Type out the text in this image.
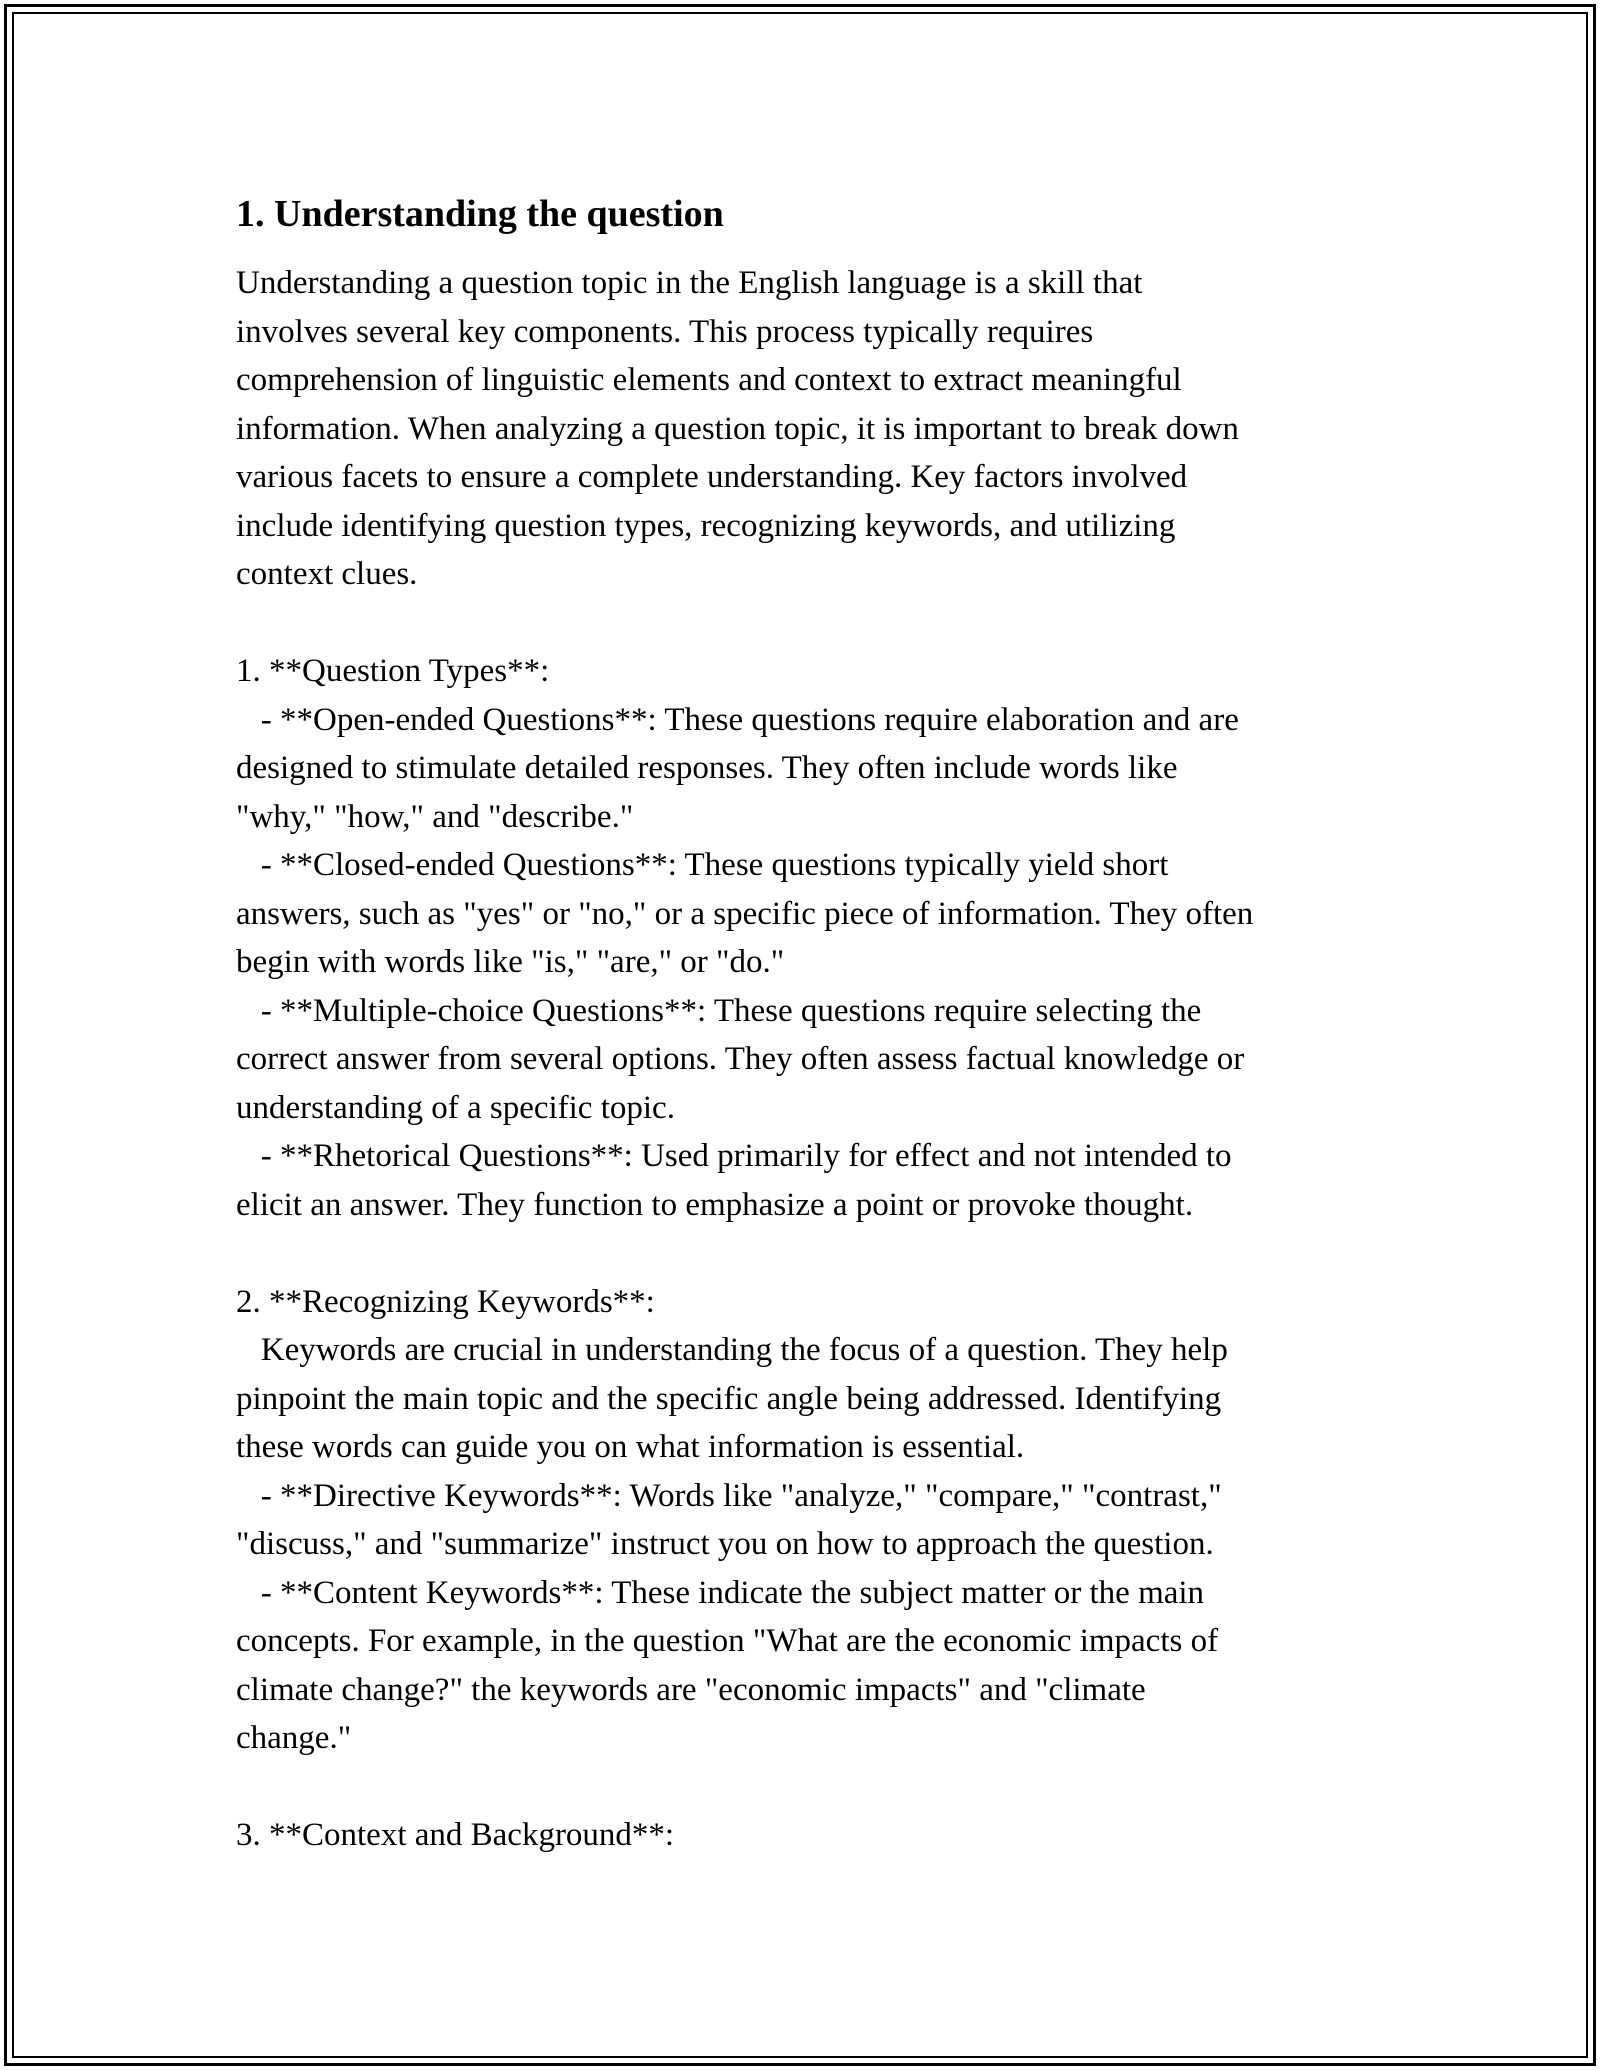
1. Understanding the question
Understanding a question topic in the English language is a skill that
involves several key components. This process typically requires
comprehension of linguistic elements and context to extract meaningful
information. When analyzing a question topic, it is important to break down
various facets to ensure a complete understanding. Key factors involved
include identifying question types, recognizing keywords, and utilizing
context clues.

1. **Question Types**:
- **Open-ended Questions**: These questions require elaboration and are
designed to stimulate detailed responses. They often include words like
"why," "how," and "describe."
- **Closed-ended Questions**: These questions typically yield short
answers, such as "yes" or "no," or a specific piece of information. They often
begin with words like "is," "are," or "do."
- **Multiple-choice Questions**: These questions require selecting the
correct answer from several options. They often assess factual knowledge or
understanding of a specific topic.
- **Rhetorical Questions**: Used primarily for effect and not intended to
elicit an answer. They function to emphasize a point or provoke thought.

2. **Recognizing Keywords**:
Keywords are crucial in understanding the focus of a question. They help
pinpoint the main topic and the specific angle being addressed. Identifying
these words can guide you on what information is essential.
- **Directive Keywords**: Words like "analyze," "compare," "contrast,"
"discuss," and "summarize" instruct you on how to approach the question.
- **Content Keywords**: These indicate the subject matter or the main
concepts. For example, in the question "What are the economic impacts of
climate change?" the keywords are "economic impacts" and "climate
change."

3. **Context and Background**:
